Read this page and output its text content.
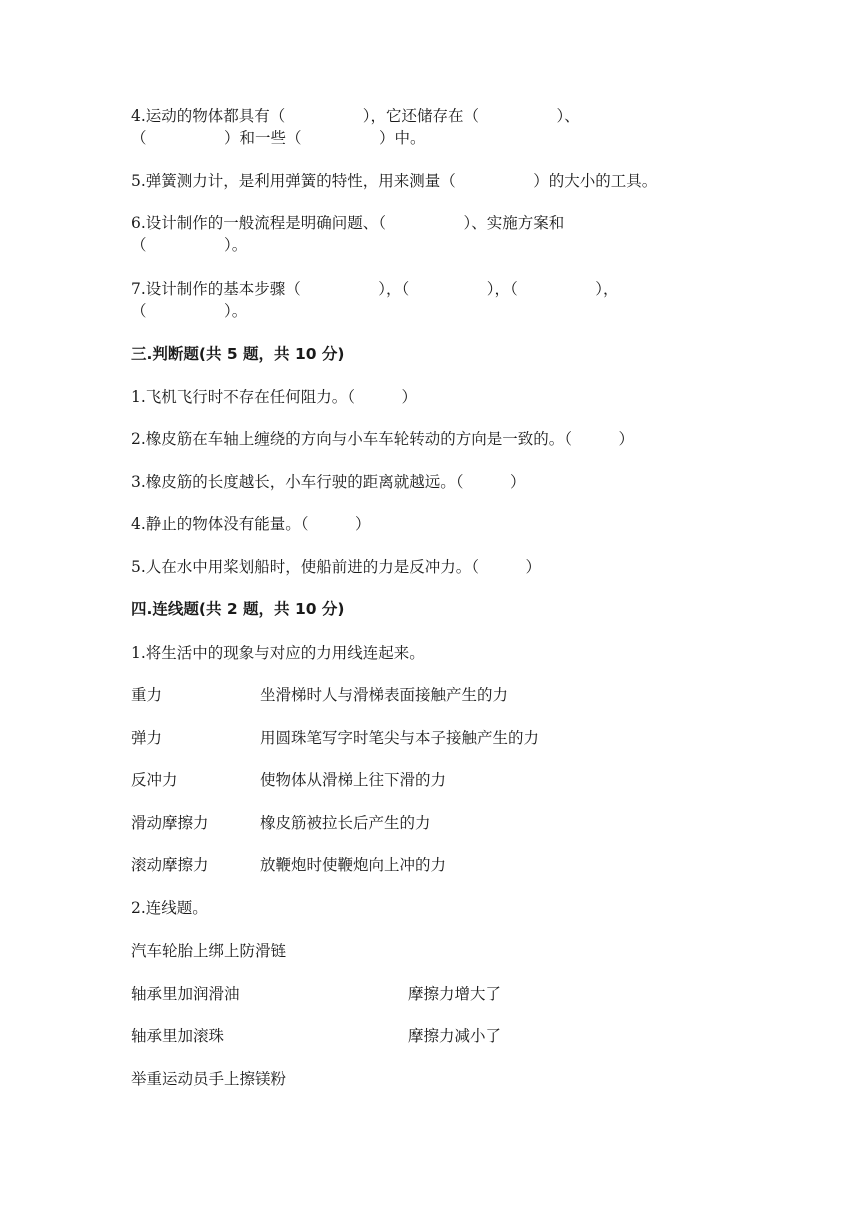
4.运动的物体都具有（　　　　　），它还储存在（　　　　　）、
（　　　　　）和一些（　　　　　）中。
5.弹簧测力计，是利用弹簧的特性，用来测量（　　　　　）的大小的工具。
6.设计制作的一般流程是明确问题、（　　　　　）、实施方案和
（　　　　　）。
7.设计制作的基本步骤（　　　　　），（　　　　　），（　　　　　），
（　　　　　）。
三.判断题(共 5 题，共 10 分)
1.飞机飞行时不存在任何阻力。（　　　）
2.橡皮筋在车轴上缠绕的方向与小车车轮转动的方向是一致的。（　　　）
3.橡皮筋的长度越长，小车行驶的距离就越远。（　　　）
4.静止的物体没有能量。（　　　）
5.人在水中用桨划船时，使船前进的力是反冲力。（　　　）
四.连线题(共 2 题，共 10 分)
1.将生活中的现象与对应的力用线连起来。
重力	坐滑梯时人与滑梯表面接触产生的力
弹力	用圆珠笔写字时笔尖与本子接触产生的力
反冲力	使物体从滑梯上往下滑的力
滑动摩擦力	橡皮筋被拉长后产生的力
滚动摩擦力	放鞭炮时使鞭炮向上冲的力
2.连线题。
汽车轮胎上绑上防滑链
轴承里加润滑油	摩擦力增大了
轴承里加滚珠	摩擦力减小了
举重运动员手上擦镁粉
